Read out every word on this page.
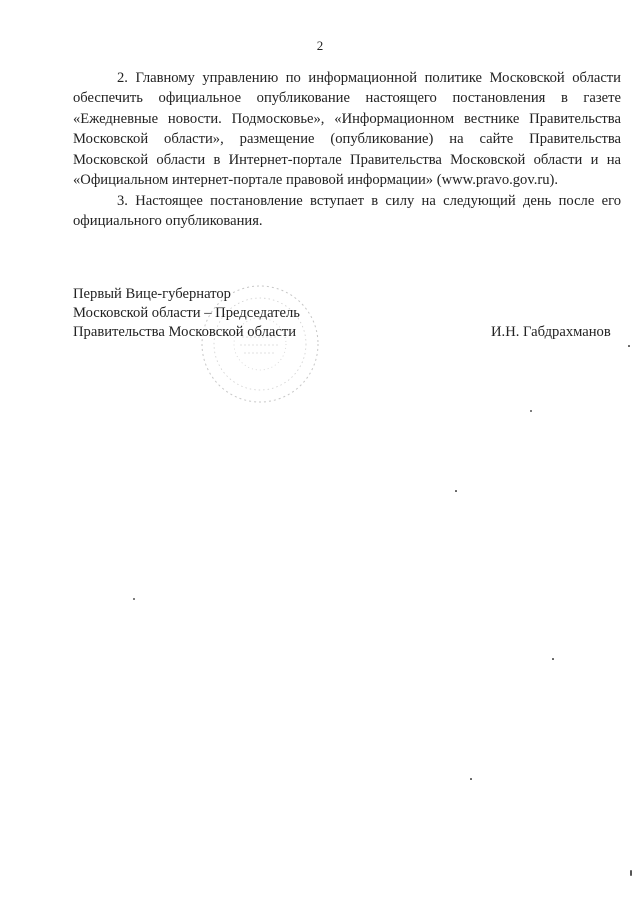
2

2. Главному управлению по информационной политике Московской области обеспечить официальное опубликование настоящего постановления в газете «Ежедневные новости. Подмосковье», «Информационном вестнике Правительства Московской области», размещение (опубликование) на сайте Правительства Московской области в Интернет-портале Правительства Московской области и на «Официальном интернет-портале правовой информации» (www.pravo.gov.ru).

3. Настоящее постановление вступает в силу на следующий день после его официального опубликования.

Первый Вице-губернатор
Московской области – Председатель
Правительства Московской области	И.Н. Габдрахманов
